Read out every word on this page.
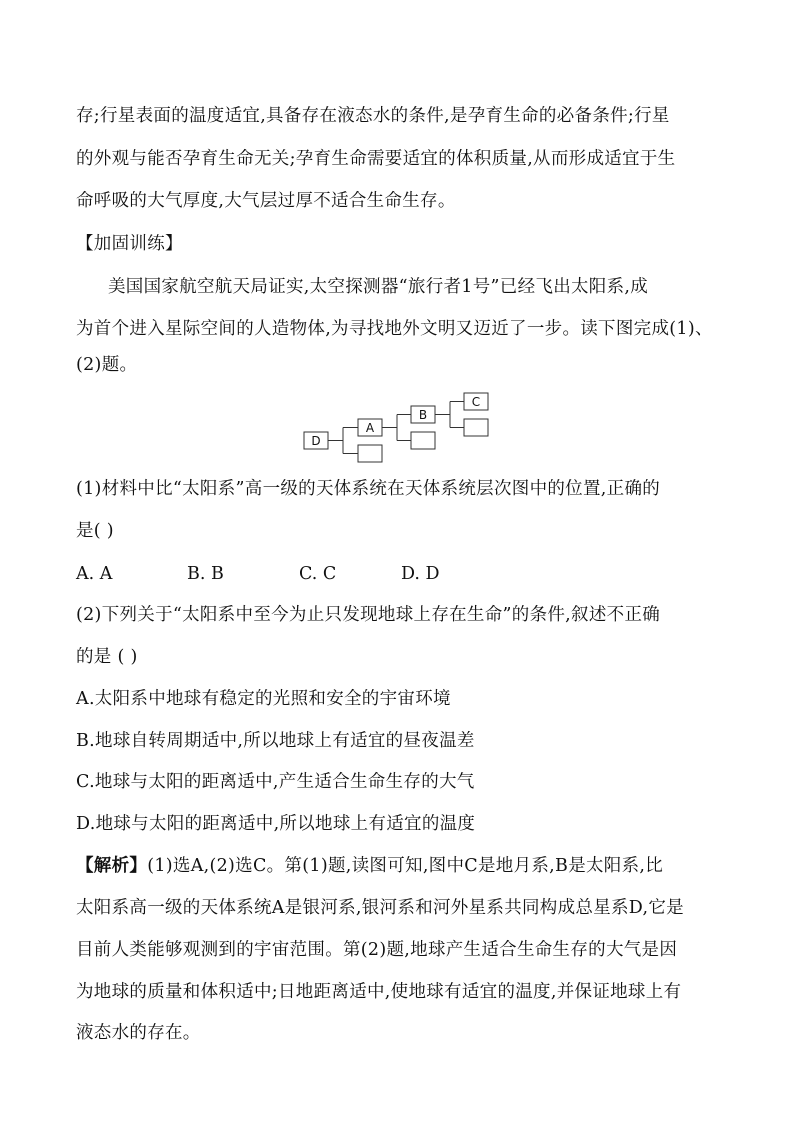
存;行星表面的温度适宜,具备存在液态水的条件,是孕育生命的必备条件;行星
的外观与能否孕育生命无关;孕育生命需要适宜的体积质量,从而形成适宜于生
命呼吸的大气厚度,大气层过厚不适合生命生存。
【加固训练】
美国国家航空航天局证实,太空探测器“旅行者1号”已经飞出太阳系,成
为首个进入星际空间的人造物体,为寻找地外文明又迈近了一步。读下图完成(1)、
(2)题。
D
A
B
C
(1)材料中比“太阳系”高一级的天体系统在天体系统层次图中的位置,正确的
是( )
A. A	B. B	C. C	D. D
(2)下列关于“太阳系中至今为止只发现地球上存在生命”的条件,叙述不正确
的是 ( )
A.太阳系中地球有稳定的光照和安全的宇宙环境
B.地球自转周期适中,所以地球上有适宜的昼夜温差
C.地球与太阳的距离适中,产生适合生命生存的大气
D.地球与太阳的距离适中,所以地球上有适宜的温度
【解析】(1)选A,(2)选C。第(1)题,读图可知,图中C是地月系,B是太阳系,比
太阳系高一级的天体系统A是银河系,银河系和河外星系共同构成总星系D,它是
目前人类能够观测到的宇宙范围。第(2)题,地球产生适合生命生存的大气是因
为地球的质量和体积适中;日地距离适中,使地球有适宜的温度,并保证地球上有
液态水的存在。
